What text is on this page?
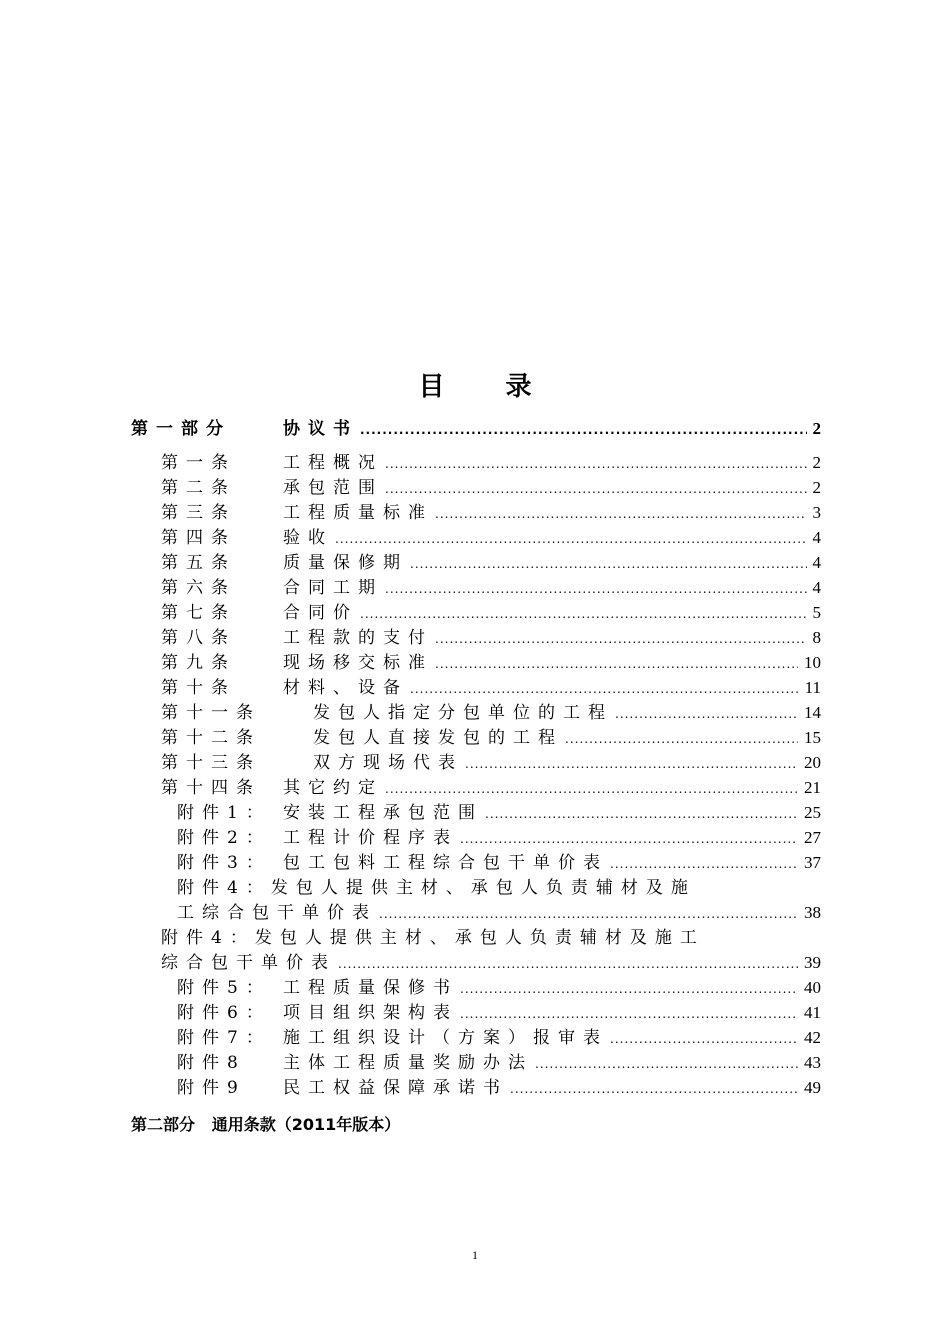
目 录
第一部分	协议书 .....	2
第一条	工程概况 .....	2
第二条	承包范围 .....	2
第三条	工程质量标准 .....	3
第四条	验收 .....	4
第五条	质量保修期 .....	4
第六条	合同工期 .....	4
第七条	合同价 .....	5
第八条	工程款的支付 .....	8
第九条	现场移交标准 .....	10
第十条	材料、设备 .....	11
第十一条	发包人指定分包单位的工程 .....	14
第十二条	发包人直接发包的工程 .....	15
第十三条	双方现场代表 .....	20
第十四条	其它约定 .....	21
附件1： 安装工程承包范围 .....	25
附件2： 工程计价程序表 .....	27
附件3： 包工包料工程综合包干单价表 .....	37
附件4：发包人提供主材、承包人负责辅材及施
工综合包干单价表 .....	38
附件4：发包人提供主材、承包人负责辅材及施工
综合包干单价表 .....	39
附件5： 工程质量保修书 .....	40
附件6： 项目组织架构表 .....	41
附件7： 施工组织设计（方案）报审表 .....	42
附件8	主体工程质量奖励办法 .....	43
附件9	民工权益保障承诺书 .....	49
第二部分   通用条款（2011年版本）
1
